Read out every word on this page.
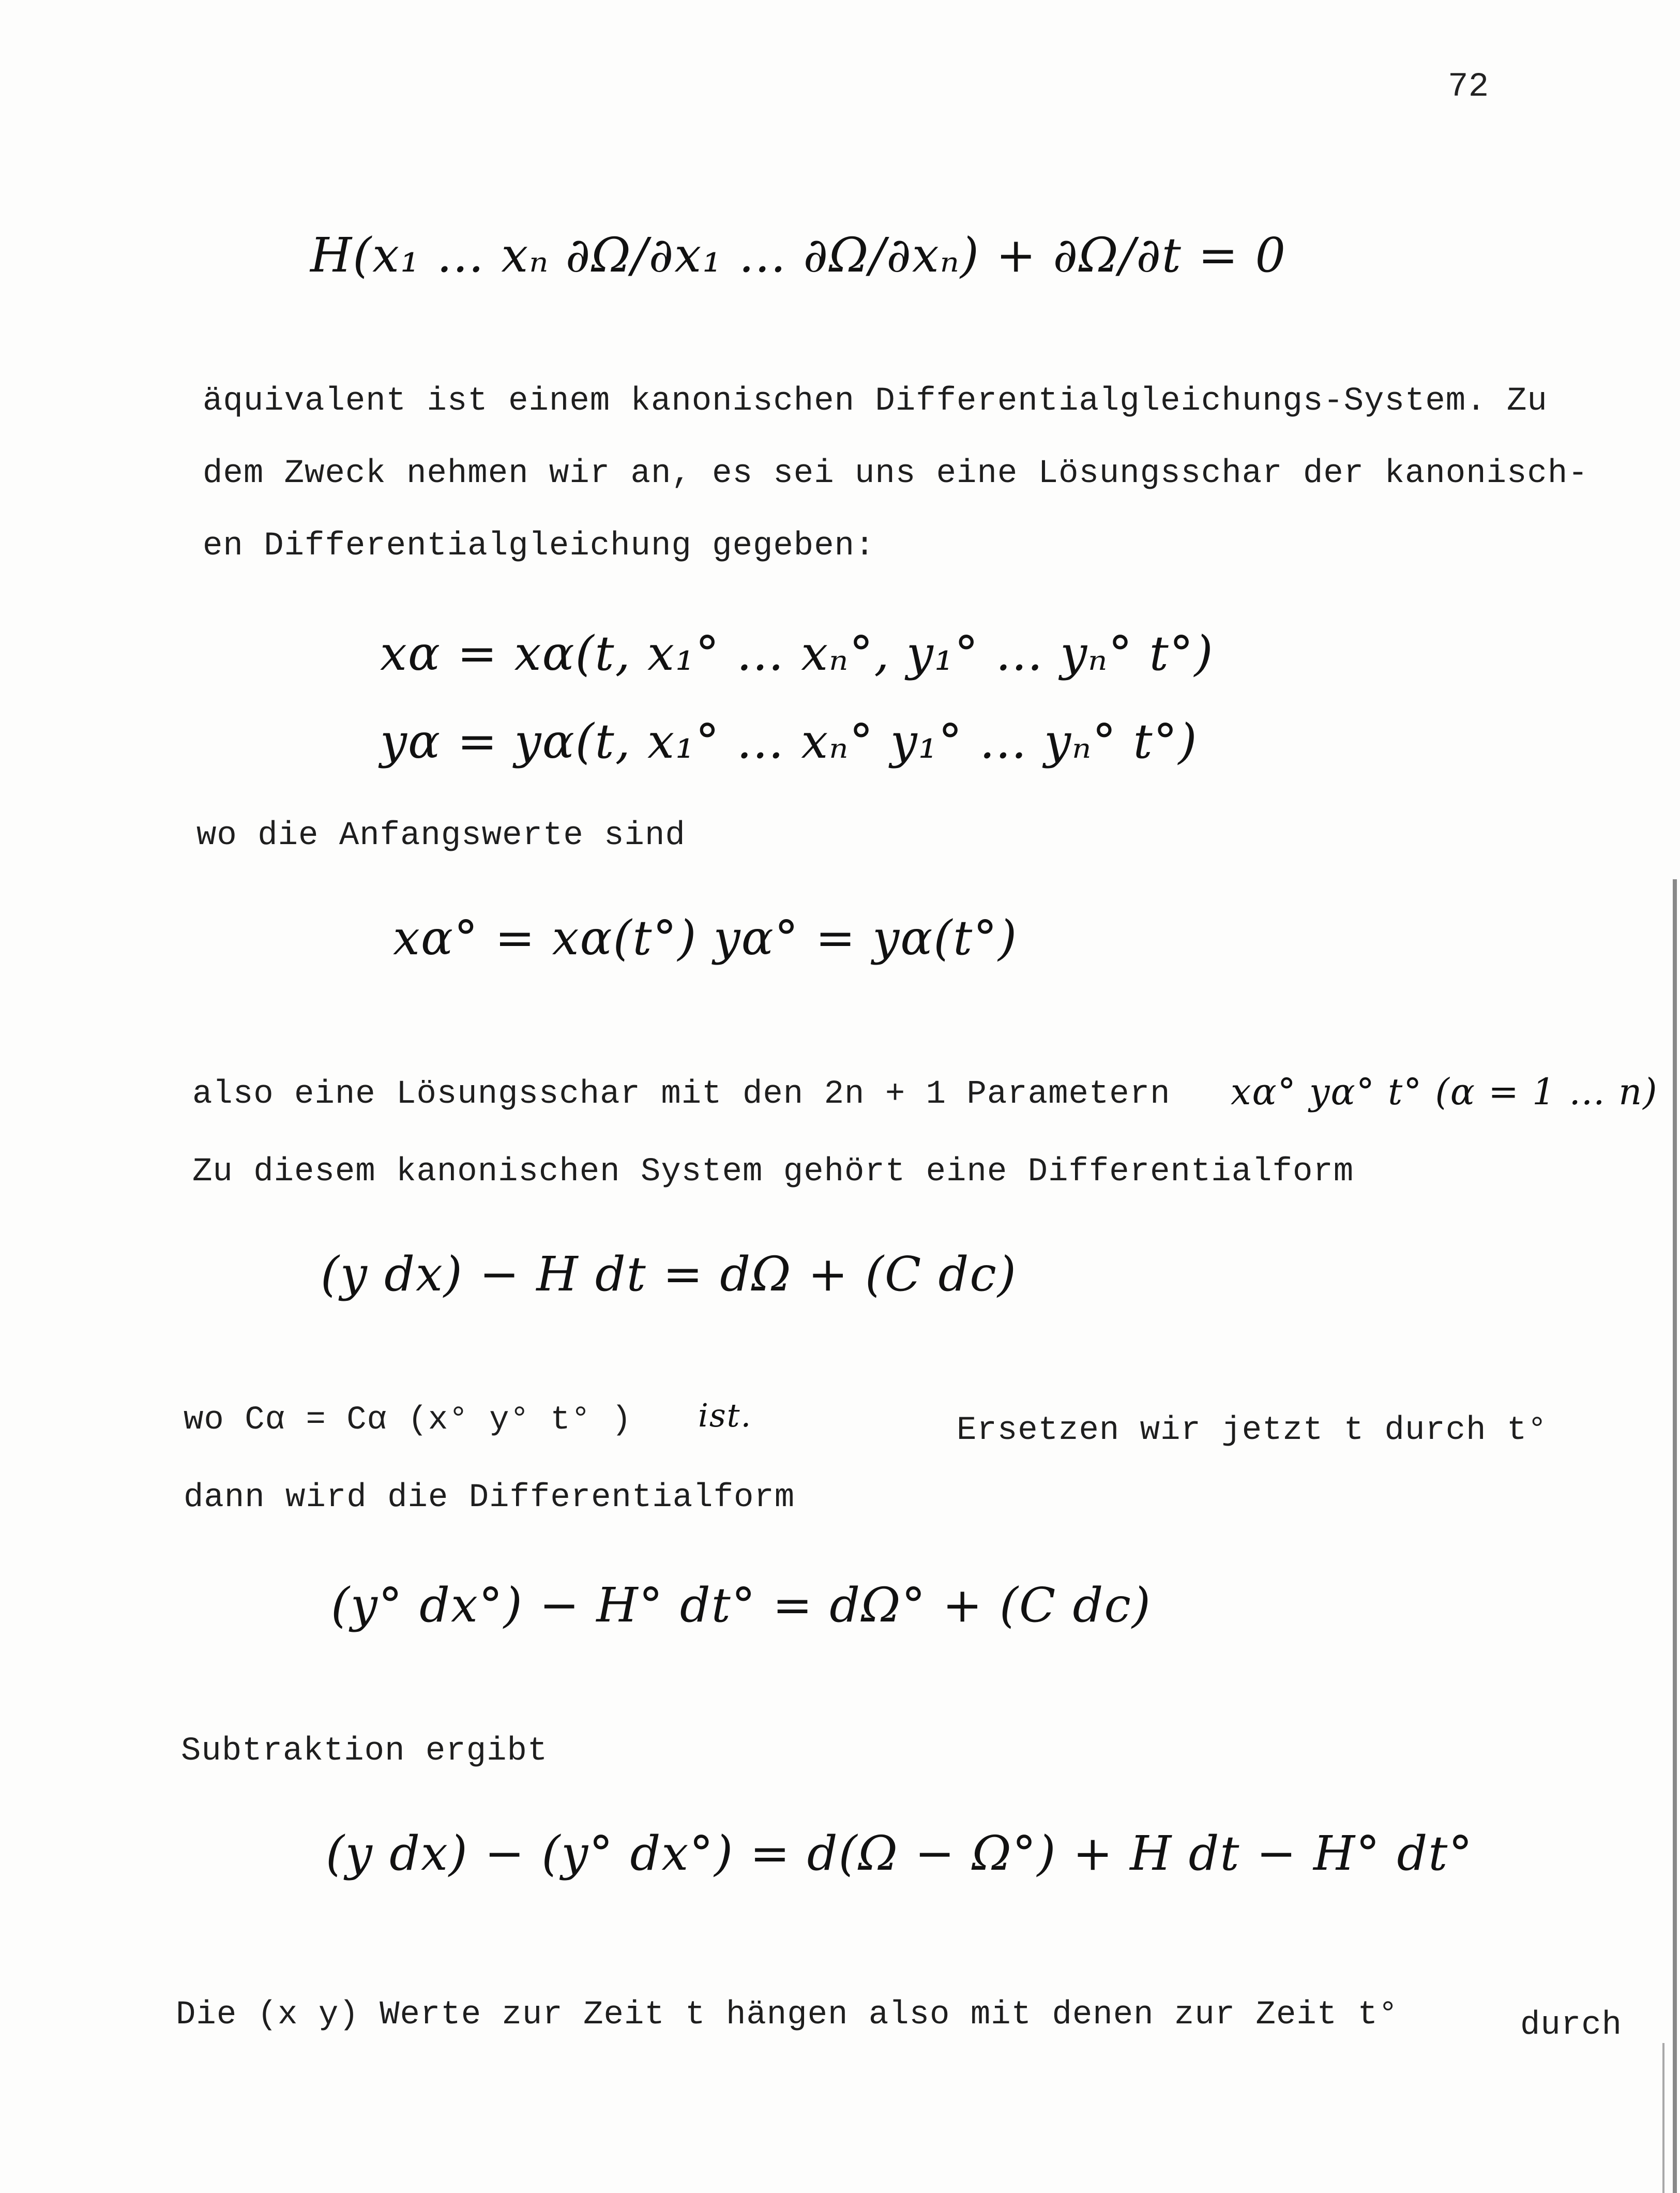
72
H(x₁ … xₙ ∂Ω/∂x₁ … ∂Ω/∂xₙ) + ∂Ω/∂t = 0
äquivalent ist einem kanonischen Differentialgleichungs-System. Zu
dem Zweck nehmen wir an, es sei uns eine Lösungsschar der kanonisch-
en Differentialgleichung gegeben:
xα = xα(t, x₁° … xₙ°, y₁° … yₙ° t°)
yα = yα(t, x₁° … xₙ° y₁° … yₙ° t°)
wo die Anfangswerte sind
xα° = xα(t°) yα° = yα(t°)
also eine Lösungsschar mit den 2n + 1 Parametern xα° yα° t° (α = 1 … n)
Zu diesem kanonischen System gehört eine Differentialform
(y dx) − H dt = dΩ + (C dc)
wo Cα = Cα (x° y° t° ) ist.	Ersetzen wir jetzt t durch t°
dann wird die Differentialform
(y° dx°) − H° dt° = dΩ° + (C dc)
Subtraktion ergibt
(y dx) − (y° dx°) = d(Ω − Ω°) + H dt − H° dt°
Die (x y) Werte zur Zeit t hängen also mit denen zur Zeit t°	durch
